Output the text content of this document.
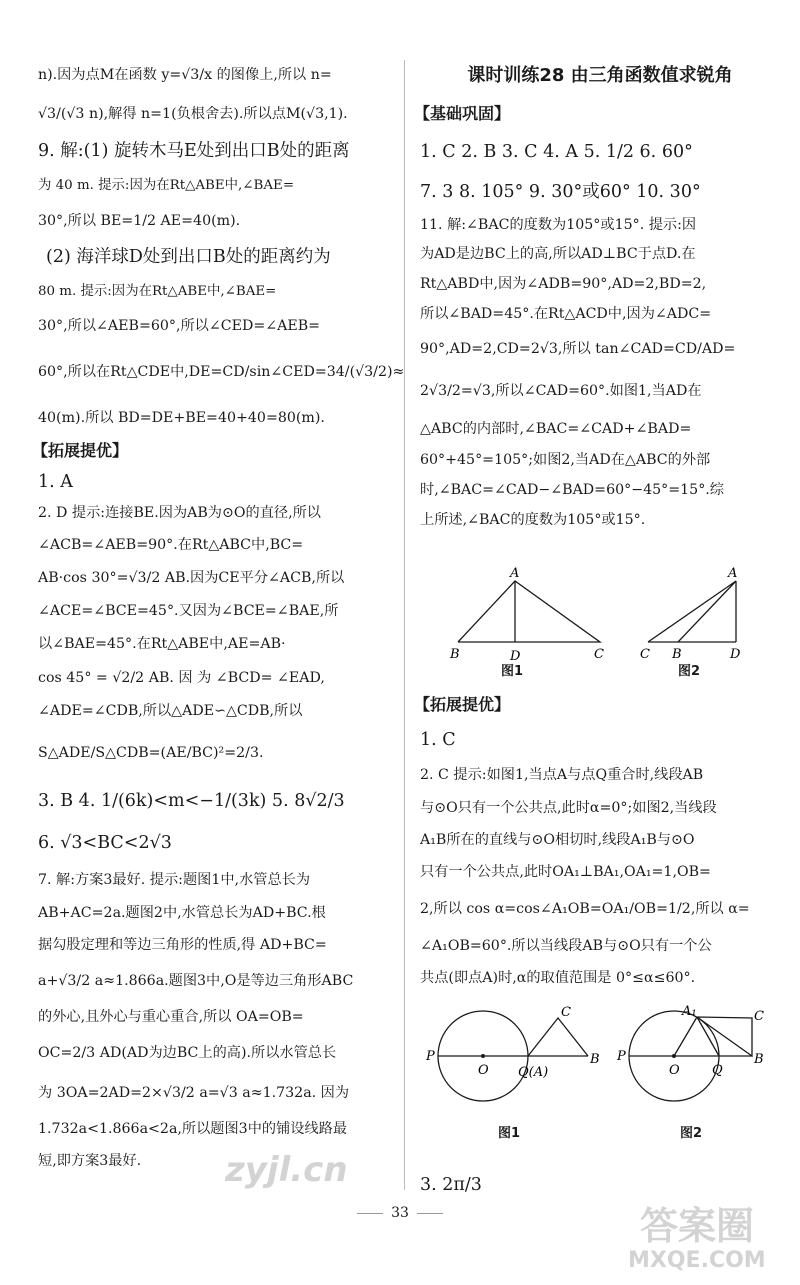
n).因为点M在函数 y=√3/x 的图像上,所以 n=
√3/(√3 n),解得 n=1(负根舍去).所以点M(√3,1).
9. 解:(1) 旋转木马E处到出口B处的距离
为 40 m. 提示:因为在Rt△ABE中,∠BAE=
30°,所以 BE=1/2 AE=40(m).
(2) 海洋球D处到出口B处的距离约为
80 m. 提示:因为在Rt△ABE中,∠BAE=
30°,所以∠AEB=60°,所以∠CED=∠AEB=
60°,所以在Rt△CDE中,DE=CD/sin∠CED=34/(√3/2)≈
40(m).所以 BD=DE+BE=40+40=80(m).
【拓展提优】
1. A
2. D 提示:连接BE.因为AB为⊙O的直径,所以
∠ACB=∠AEB=90°.在Rt△ABC中,BC=
AB·cos 30°=√3/2 AB.因为CE平分∠ACB,所以
∠ACE=∠BCE=45°.又因为∠BCE=∠BAE,所
以∠BAE=45°.在Rt△ABE中,AE=AB·
cos 45° = √2/2 AB. 因 为 ∠BCD= ∠EAD,
∠ADE=∠CDB,所以△ADE∽△CDB,所以
S△ADE/S△CDB=(AE/BC)²=2/3.
3. B 4. 1/(6k)<m<−1/(3k) 5. 8√2/3
6. √3<BC<2√3
7. 解:方案3最好. 提示:题图1中,水管总长为
AB+AC=2a.题图2中,水管总长为AD+BC.根
据勾股定理和等边三角形的性质,得 AD+BC=
a+√3/2 a≈1.866a.题图3中,O是等边三角形ABC
的外心,且外心与重心重合,所以 OA=OB=
OC=2/3 AD(AD为边BC上的高).所以水管总长
为 3OA=2AD=2×√3/2 a=√3 a≈1.732a. 因为
1.732a<1.866a<2a,所以题图3中的铺设线路最
短,即方案3最好.
课时训练28 由三角函数值求锐角
【基础巩固】
1. C 2. B 3. C 4. A 5. 1/2 6. 60°
7. 3 8. 105° 9. 30°或60° 10. 30°
11. 解:∠BAC的度数为105°或15°. 提示:因
为AD是边BC上的高,所以AD⊥BC于点D.在
Rt△ABD中,因为∠ADB=90°,AD=2,BD=2,
所以∠BAD=45°.在Rt△ACD中,因为∠ADC=
90°,AD=2,CD=2√3,所以 tan∠CAD=CD/AD=
2√3/2=√3,所以∠CAD=60°.如图1,当AD在
△ABC的内部时,∠BAC=∠CAD+∠BAD=
60°+45°=105°;如图2,当AD在△ABC的外部
时,∠BAC=∠CAD−∠BAD=60°−45°=15°.综
上所述,∠BAC的度数为105°或15°.
A
B	D	C
图1
A
C B	D
图2
【拓展提优】
1. C
2. C 提示:如图1,当点A与点Q重合时,线段AB
与⊙O只有一个公共点,此时α=0°;如图2,当线段
A₁B所在的直线与⊙O相切时,线段A₁B与⊙O
只有一个公共点,此时OA₁⊥BA₁,OA₁=1,OB=
2,所以 cos α=cos∠A₁OB=OA₁/OB=1/2,所以 α=
∠A₁OB=60°.所以当线段AB与⊙O只有一个公
共点(即点A)时,α的取值范围是 0°≤α≤60°.
P
O Q(A)
C
B
图1
P
O Q
A₁	C
B
图2
3. 2π/3
33
zyjl.cn
答案圈
MXQE.COM
